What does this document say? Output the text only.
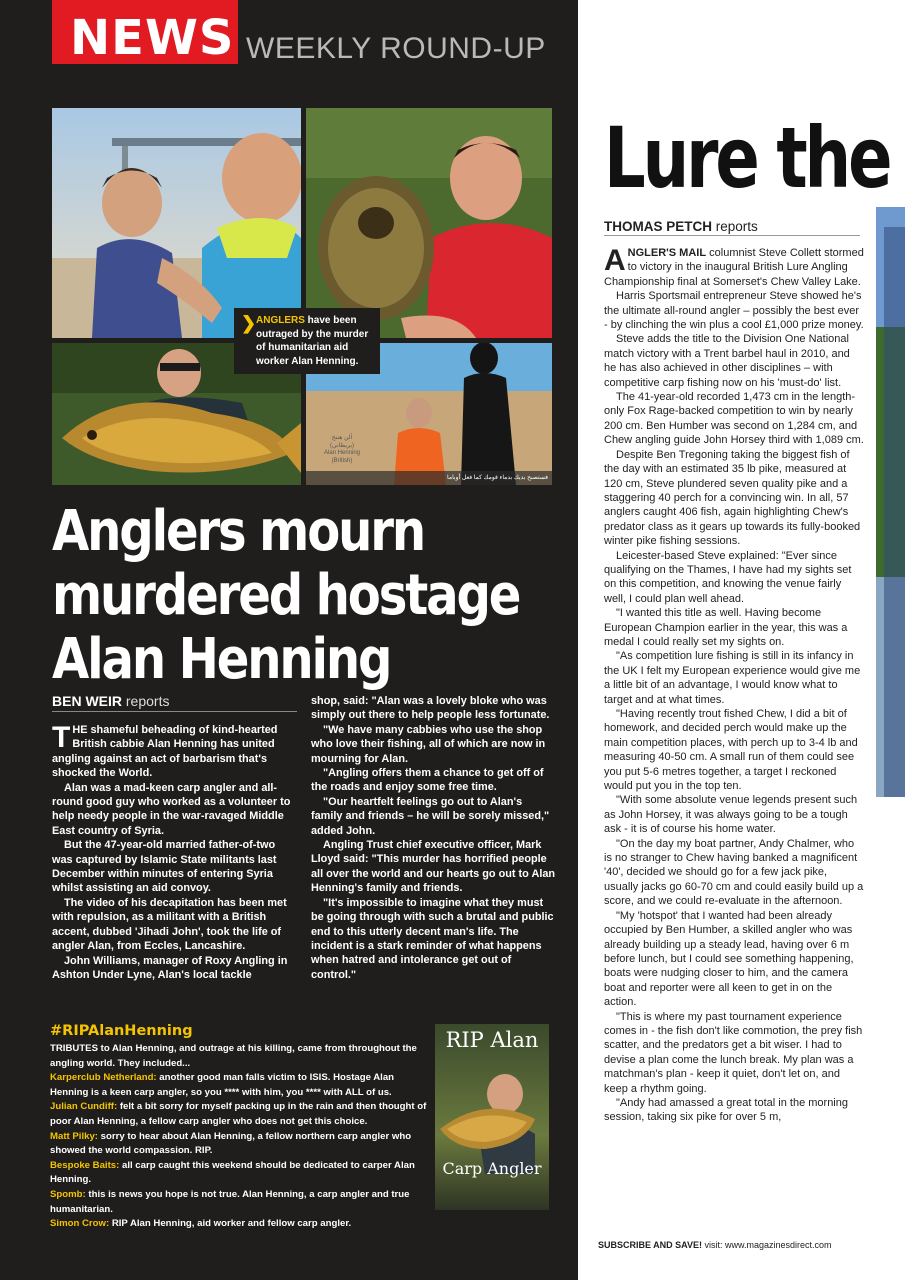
NEWS WEEKLY ROUND-UP
آلن هننج
(بريطاني)
Alan Henning
(British)
فستصبح بديك بدماء قومك كما فعل أوباما
❯ ANGLERS have been outraged by the murder of humanitarian aid worker Alan Henning.
Anglers mourn
murdered hostage
Alan Henning
BEN WEIR reports

THE shameful beheading of kind-hearted British cabbie Alan Henning has united angling against an act of barbarism that's shocked the World.

Alan was a mad-keen carp angler and all-round good guy who worked as a volunteer to help needy people in the war-ravaged Middle East country of Syria.

But the 47-year-old married father-of-two was captured by Islamic State militants last December within minutes of entering Syria whilst assisting an aid convoy.

The video of his decapitation has been met with repulsion, as a militant with a British accent, dubbed 'Jihadi John', took the life of angler Alan, from Eccles, Lancashire.

John Williams, manager of Roxy Angling in Ashton Under Lyne, Alan's local tackle

shop, said: "Alan was a lovely bloke who was simply out there to help people less fortunate.

"We have many cabbies who use the shop who love their fishing, all of which are now in mourning for Alan.

"Angling offers them a chance to get off of the roads and enjoy some free time.

"Our heartfelt feelings go out to Alan's family and friends – he will be sorely missed," added John.

Angling Trust chief executive officer, Mark Lloyd said: "This murder has horrified people all over the world and our hearts go out to Alan Henning's family and friends.

"It's impossible to imagine what they must be going through with such a brutal and public end to this utterly decent man's life. The incident is a stark reminder of what happens when hatred and intolerance get out of control."

#RIPAlanHenning
TRIBUTES to Alan Henning, and outrage at his killing, came from throughout the angling world. They included...
Karperclub Netherland: another good man falls victim to ISIS. Hostage Alan Henning is a keen carp angler, so you **** with him, you **** with ALL of us.
Julian Cundiff: felt a bit sorry for myself packing up in the rain and then thought of poor Alan Henning, a fellow carp angler who does not get this choice.
Matt Pilky: sorry to hear about Alan Henning, a fellow northern carp angler who showed the world compassion. RIP.
Bespoke Baits: all carp caught this weekend should be dedicated to carper Alan Henning.
Spomb: this is news you hope is not true. Alan Henning, a carp angler and true humanitarian.
Simon Crow: RIP Alan Henning, aid worker and fellow carp angler.
RIP Alan
Carp Angler
Lure the
THOMAS PETCH reports

ANGLER'S MAIL columnist Steve Collett stormed to victory in the inaugural British Lure Angling Championship final at Somerset's Chew Valley Lake.

Harris Sportsmail entrepreneur Steve showed he's the ultimate all-round angler – possibly the best ever - by clinching the win plus a cool £1,000 prize money.

Steve adds the title to the Division One National match victory with a Trent barbel haul in 2010, and he has also achieved in other disciplines – with competitive carp fishing now on his 'must-do' list.

The 41-year-old recorded 1,473 cm in the length-only Fox Rage-backed competition to win by nearly 200 cm. Ben Humber was second on 1,284 cm, and Chew angling guide John Horsey third with 1,089 cm.

Despite Ben Tregoning taking the biggest fish of the day with an estimated 35 lb pike, measured at 120 cm, Steve plundered seven quality pike and a staggering 40 perch for a convincing win. In all, 57 anglers caught 406 fish, again highlighting Chew's predator class as it gears up towards its fully-booked winter pike fishing sessions.

Leicester-based Steve explained: "Ever since qualifying on the Thames, I have had my sights set on this competition, and knowing the venue fairly well, I could plan well ahead.

"I wanted this title as well. Having become European Champion earlier in the year, this was a medal I could really set my sights on.

"As competition lure fishing is still in its infancy in the UK I felt my European experience would give me a little bit of an advantage, I would know what to target and at what times.

"Having recently trout fished Chew, I did a bit of homework, and decided perch would make up the main competition places, with perch up to 3-4 lb and measuring 40-50 cm. A small run of them could see you put 5-6 metres together, a target I reckoned would put you in the top ten.

"With some absolute venue legends present such as John Horsey, it was always going to be a tough ask - it is of course his home water.

"On the day my boat partner, Andy Chalmer, who is no stranger to Chew having banked a magnificent '40', decided we should go for a few jack pike, usually jacks go 60-70 cm and could easily build up a score, and we could re-evaluate in the afternoon.

"My 'hotspot' that I wanted had been already occupied by Ben Humber, a skilled angler who was already building up a steady lead, having over 6 m before lunch, but I could see something happening, boats were nudging closer to him, and the camera boat and reporter were all keen to get in on the action.

"This is where my past tournament experience comes in - the fish don't like commotion, the prey fish scatter, and the predators get a bit wiser. I had to devise a plan come the lunch break. My plan was a matchman's plan - keep it quiet, don't let on, and keep a rhythm going.

"Andy had amassed a great total in the morning session, taking six pike for over 5 m,

SUBSCRIBE AND SAVE! visit: www.magazinesdirect.com
